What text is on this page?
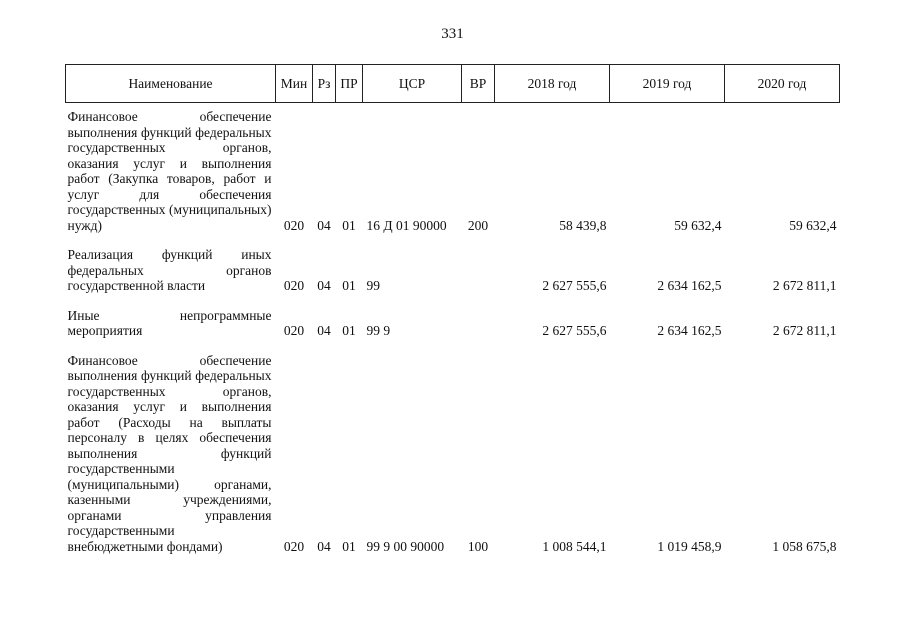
331
Наименование	Мин	Рз	ПР	ЦСР	ВР	2018 год	2019 год	2020 год

Финансовое обеспечение выполнения функций федеральных государственных органов, оказания услуг и выполнения работ (Закупка товаров, работ и услуг для обеспечения государственных (муниципальных) нужд)	020	04	01	16 Д 01 90000	200	58 439,8	59 632,4	59 632,4

Реализация функций иных федеральных органов государственной власти	020	04	01	99		2 627 555,6	2 634 162,5	2 672 811,1

Иные непрограммные мероприятия	020	04	01	99 9		2 627 555,6	2 634 162,5	2 672 811,1

Финансовое обеспечение выполнения функций федеральных государственных органов, оказания услуг и выполнения работ (Расходы на выплаты персоналу в целях обеспечения выполнения функций государственными (муниципальными) органами, казенными учреждениями, органами управления государственными внебюджетными фондами)	020	04	01	99 9 00 90000	100	1 008 544,1	1 019 458,9	1 058 675,8
